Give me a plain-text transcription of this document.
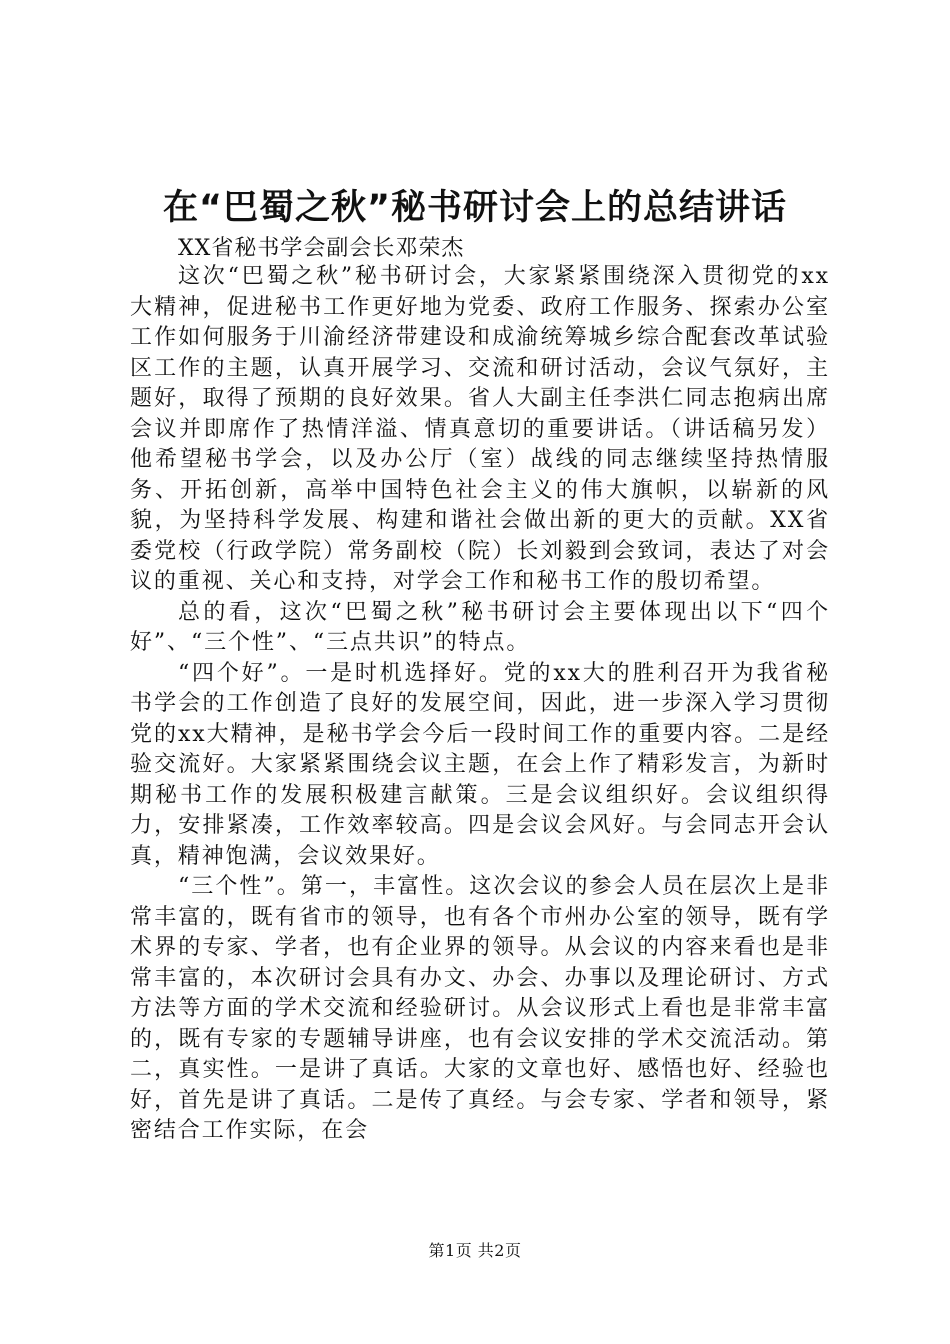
在“巴蜀之秋”秘书研讨会上的总结讲话

XX省秘书学会副会长邓荣杰

这次“巴蜀之秋”秘书研讨会，大家紧紧围绕深入贯彻党的xx大精神，促进秘书工作更好地为党委、政府工作服务、探索办公室工作如何服务于川渝经济带建设和成渝统筹城乡综合配套改革试验区工作的主题，认真开展学习、交流和研讨活动，会议气氛好，主题好，取得了预期的良好效果。省人大副主任李洪仁同志抱病出席会议并即席作了热情洋溢、情真意切的重要讲话。（讲话稿另发）他希望秘书学会，以及办公厅（室）战线的同志继续坚持热情服务、开拓创新，高举中国特色社会主义的伟大旗帜，以崭新的风貌，为坚持科学发展、构建和谐社会做出新的更大的贡献。XX省委党校（行政学院）常务副校（院）长刘毅到会致词，表达了对会议的重视、关心和支持，对学会工作和秘书工作的殷切希望。

总的看，这次“巴蜀之秋”秘书研讨会主要体现出以下“四个好”、“三个性”、“三点共识”的特点。

“四个好”。一是时机选择好。党的xx大的胜利召开为我省秘书学会的工作创造了良好的发展空间，因此，进一步深入学习贯彻党的xx大精神，是秘书学会今后一段时间工作的重要内容。二是经验交流好。大家紧紧围绕会议主题，在会上作了精彩发言，为新时期秘书工作的发展积极建言献策。三是会议组织好。会议组织得力，安排紧凑，工作效率较高。四是会议会风好。与会同志开会认真，精神饱满，会议效果好。

“三个性”。第一，丰富性。这次会议的参会人员在层次上是非常丰富的，既有省市的领导，也有各个市州办公室的领导，既有学术界的专家、学者，也有企业界的领导。从会议的内容来看也是非常丰富的，本次研讨会具有办文、办会、办事以及理论研讨、方式方法等方面的学术交流和经验研讨。从会议形式上看也是非常丰富的，既有专家的专题辅导讲座，也有会议安排的学术交流活动。第二，真实性。一是讲了真话。大家的文章也好、感悟也好、经验也好，首先是讲了真话。二是传了真经。与会专家、学者和领导，紧密结合工作实际，在会

第1页 共2页
